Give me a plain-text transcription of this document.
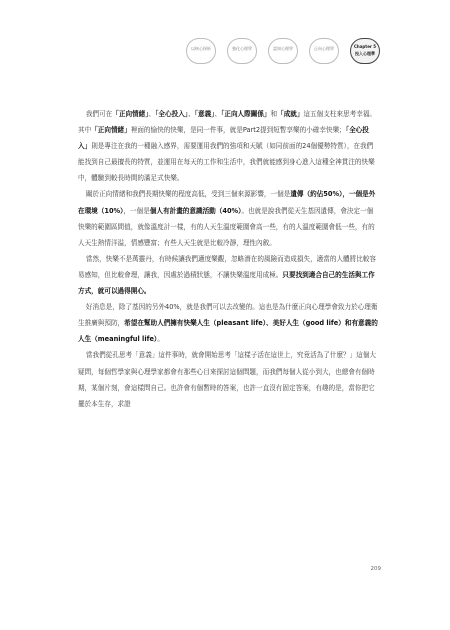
以核心探析	強化心理學	認知心理學	正向心理學	Chapter 5
投入心理學

我們可在「正向情緒」、「全心投入」、「意義」、「正向人際關係」和「成就」這五個支柱來思考幸福。其中「正向情緒」裡面的愉快的快樂，是同一件事，就是Part2提到短暫享樂的小確幸快樂；「全心投入」則是專注在我的一種融入感界，需要運用我們的強項和天賦（如同前面的24個優勢特質），在我們能找到自己最擅長的特質，並運用在每天的工作和生活中，我們就能感到身心進入這種全神貫注的快樂中，體驗到較長時間的滿足式快樂。

關於正向情緒和我們長期快樂的程度高低，受到三個來源影響，一個是遺傳（約佔50%），一個是外在環境（10%），一個是個人有計畫的意識活動（40%）。也就是說我們從天生基因遺傳，會決定一個快樂的範圍區間值，就像溫度計一樣，有的人天生溫度範圍會高一些，有的人溫度範圍會低一些，有的人天生熱情洋溢，情感豐富；有些人天生就是比較冷靜，理性內斂。

當然，快樂不是萬靈丹，有時候讓我們適度樂觀，忽略潛在的風險而造成損失，適當的人體將比較容易感知，但比較會理，讓我，因處於過積狀態，不讓快樂溫度用成極。只要找到適合自己的生活與工作方式，就可以過得開心。

好消息是，除了基因的另外40%，就是我們可以去改變的。這也是為什麼正向心理學會致力於心理衛生推廣與預防，希望在幫助人們擁有快樂人生（pleasant life）、美好人生（good life）和有意義的人生（meaningful life）。

當我們從孔思考「意義」這件事時，就會開始思考「這樣子活在這世上，究竟活為了什麼？」這個大疑問，每個哲學家與心理學家都會有那些心目來探討這個問題，而我們每個人從小到大，也總會有個時期，某個片刻，會這樣問自己。也許會有個暫時的答案，也許一直沒有固定答案，有趣的是，當你把它擺於本生存，求證

209
